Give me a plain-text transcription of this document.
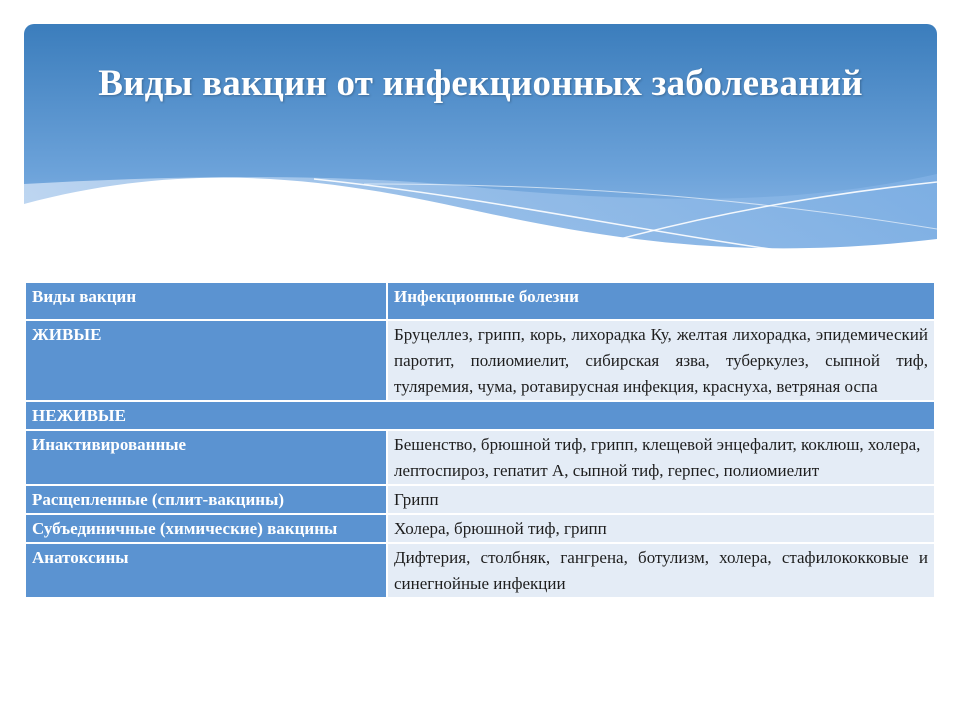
Виды вакцин от инфекционных заболеваний
Виды вакцин	Инфекционные болезни
ЖИВЫЕ	Бруцеллез, грипп, корь, лихорадка Ку, желтая лихорадка, эпидемический паротит, полиомиелит, сибирская язва, туберкулез, сыпной тиф, туляремия, чума, ротавирусная инфекция, краснуха, ветряная оспа
НЕЖИВЫЕ	
Инактивированные	Бешенство, брюшной тиф, грипп, клещевой энцефалит, коклюш, холера, лептоспироз, гепатит А, сыпной тиф, герпес, полиомиелит
Расщепленные (сплит-вакцины)	Грипп
Субъединичные (химические) вакцины	Холера, брюшной тиф, грипп
Анатоксины	Дифтерия, столбняк, гангрена, ботулизм, холера, стафилококковые и синегнойные инфекции
